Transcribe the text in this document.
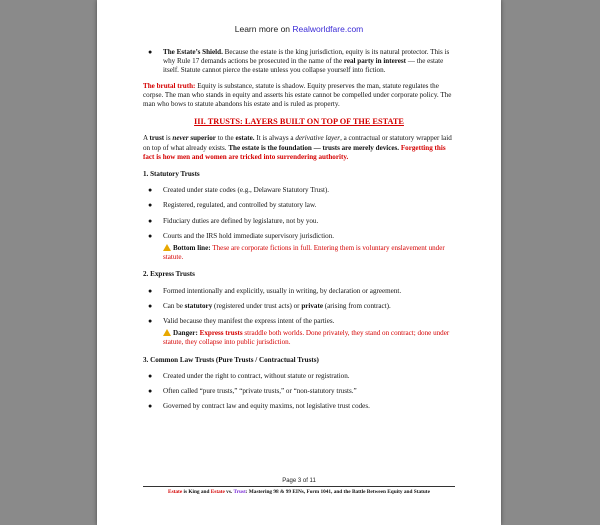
Learn more on Realworldfare.com
● The Estate’s Shield. Because the estate is the king jurisdiction, equity is its natural protector. This is why Rule 17 demands actions be prosecuted in the name of the real party in interest — the estate itself. Statute cannot pierce the estate unless you collapse yourself into fiction.
The brutal truth: Equity is substance, statute is shadow. Equity preserves the man, statute regulates the corpse. The man who stands in equity and asserts his estate cannot be compelled under corporate policy. The man who bows to statute abandons his estate and is ruled as property.
III. TRUSTS: LAYERS BUILT ON TOP OF THE ESTATE
A trust is never superior to the estate. It is always a derivative layer, a contractual or statutory wrapper laid on top of what already exists. The estate is the foundation — trusts are merely devices. Forgetting this fact is how men and women are tricked into surrendering authority.
1. Statutory Trusts
● Created under state codes (e.g., Delaware Statutory Trust).
● Registered, regulated, and controlled by statutory law.
● Fiduciary duties are defined by legislature, not by you.
● Courts and the IRS hold immediate supervisory jurisdiction.
Bottom line: These are corporate fictions in full. Entering them is voluntary enslavement under statute.
2. Express Trusts
● Formed intentionally and explicitly, usually in writing, by declaration or agreement.
● Can be statutory (registered under trust acts) or private (arising from contract).
● Valid because they manifest the express intent of the parties.
Danger: Express trusts straddle both worlds. Done privately, they stand on contract; done under statute, they collapse into public jurisdiction.
3. Common Law Trusts (Pure Trusts / Contractual Trusts)
● Created under the right to contract, without statute or registration.
● Often called “pure trusts,” “private trusts,” or “non-statutory trusts.”
● Governed by contract law and equity maxims, not legislative trust codes.
Page 3 of 11
Estate is King and Estate vs. Trust: Mastering 98 & 99 EINs, Form 1041, and the Battle Between Equity and Statute
